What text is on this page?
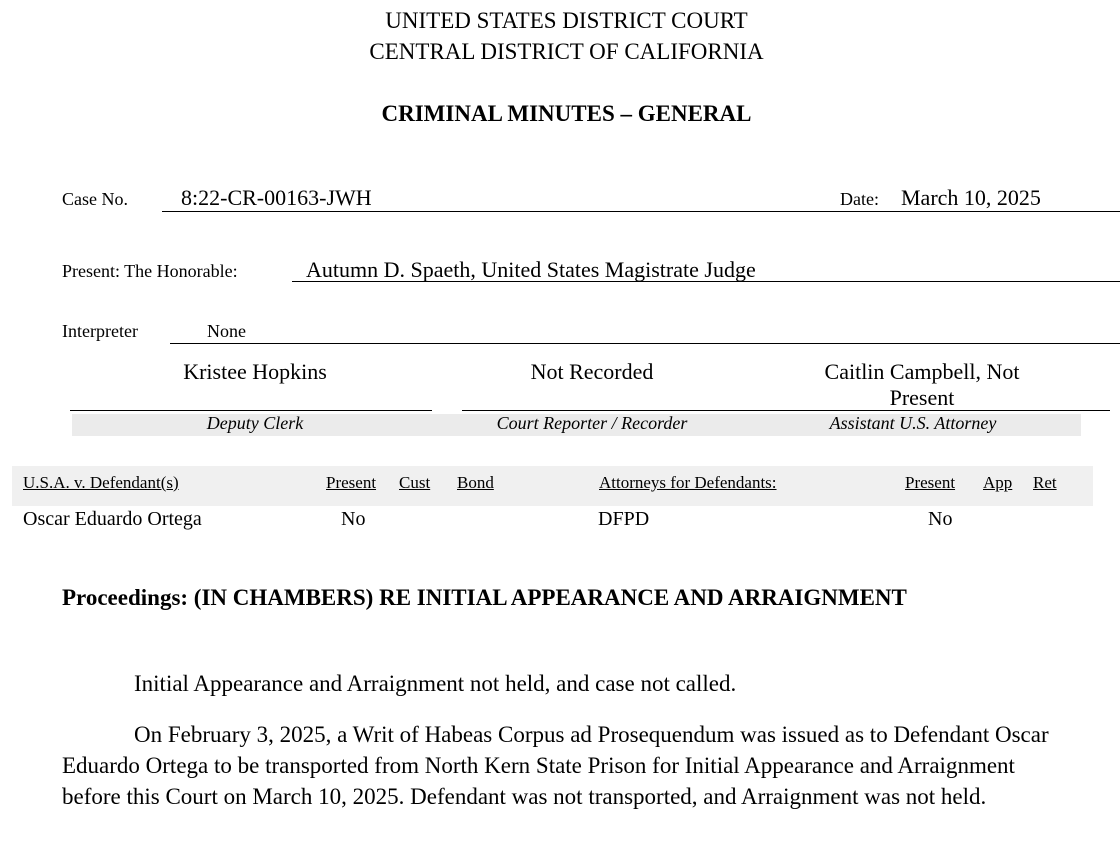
UNITED STATES DISTRICT COURT
CENTRAL DISTRICT OF CALIFORNIA
CRIMINAL MINUTES – GENERAL
Case No. 8:22-CR-00163-JWH	Date: March 10, 2025
Present: The Honorable:	Autumn D. Spaeth, United States Magistrate Judge
Interpreter	None
Kristee Hopkins	Not Recorded	Caitlin Campbell, Not Present
Deputy Clerk	Court Reporter / Recorder	Assistant U.S. Attorney
U.S.A. v. Defendant(s)	Present Cust Bond	Attorneys for Defendants:	Present App Ret
Oscar Eduardo Ortega	No	DFPD	No
Proceedings: (IN CHAMBERS) RE INITIAL APPEARANCE AND ARRAIGNMENT
Initial Appearance and Arraignment not held, and case not called.
On February 3, 2025, a Writ of Habeas Corpus ad Prosequendum was issued as to Defendant Oscar Eduardo Ortega to be transported from North Kern State Prison for Initial Appearance and Arraignment before this Court on March 10, 2025. Defendant was not transported, and Arraignment was not held.
